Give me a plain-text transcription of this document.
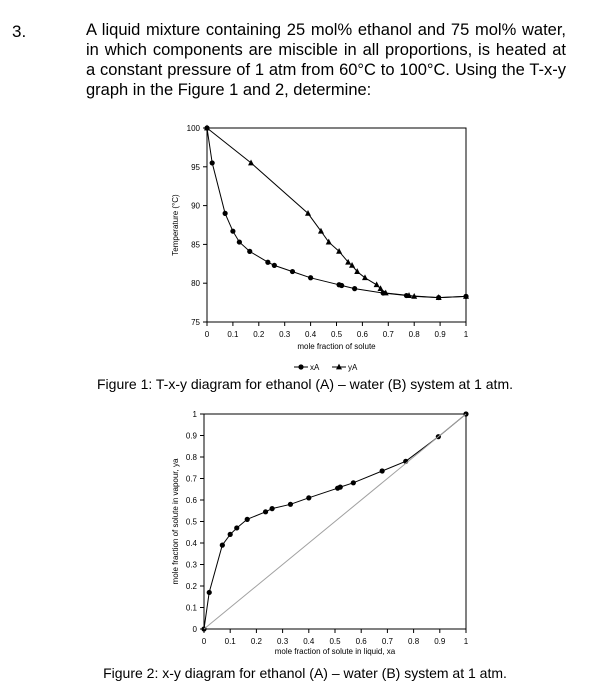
3.	A liquid mixture containing 25 mol% ethanol and 75 mol% water, in which components are miscible in all proportions, is heated at a constant pressure of 1 atm from 60°C to 100°C. Using the T-x-y graph in the Figure 1 and 2, determine:

0 0.1 0.2 0.3 0.4 0.5 0.6 0.7 0.8 0.9 1
75
80
85
90
95
100
mole fraction of solute
Temperature (°C)
xA	yA
Figure 1: T-x-y diagram for ethanol (A) – water (B) system at 1 atm.
0 0.1 0.2 0.3 0.4 0.5 0.6 0.7 0.8 0.9 1
0
0.1
0.2
0.3
0.4
0.5
0.6
0.7
0.8
0.9
1
mole fraction of solute in liquid, xa
mole fraction of solute in vapour, ya
Figure 2: x-y diagram for ethanol (A) – water (B) system at 1 atm.
